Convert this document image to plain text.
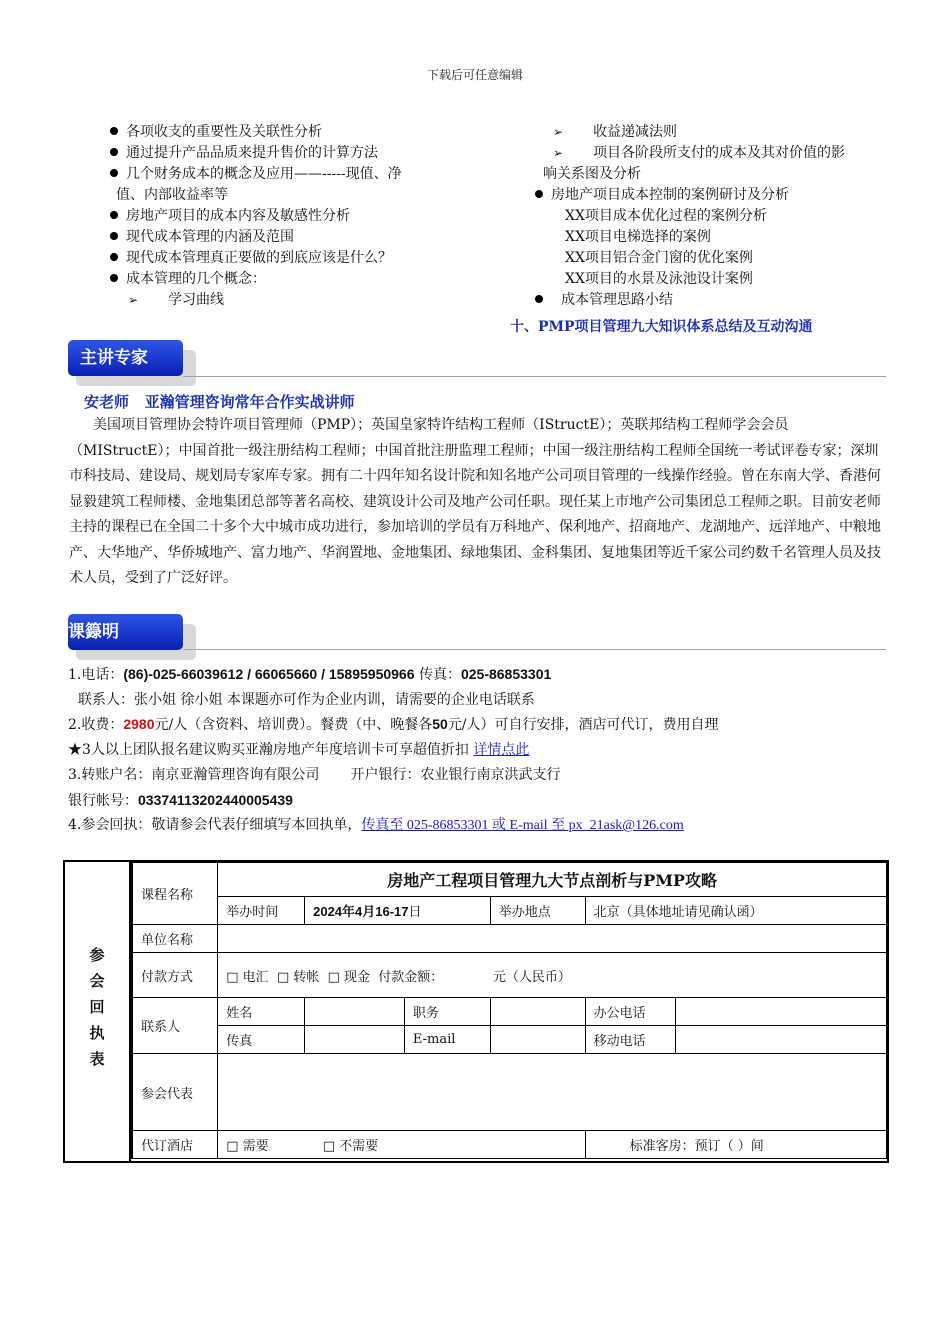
下载后可任意编辑
各项收支的重要性及关联性分析
通过提升产品品质来提升售价的计算方法
几个财务成本的概念及应用——-----现值、净
值、内部收益率等
房地产项目的成本内容及敏感性分析
现代成本管理的内涵及范围
现代成本管理真正要做的到底应该是什么？
成本管理的几个概念：
➢ 学习曲线
➢ 收益递减法则
➢ 项目各阶段所支付的成本及其对价值的影
响关系图及分析
房地产项目成本控制的案例研讨及分析
XX项目成本优化过程的案例分析
XX项目电梯选择的案例
XX项目铝合金门窗的优化案例
XX项目的水景及泳池设计案例
成本管理思路小结
十、PMP项目管理九大知识体系总结及互动沟通
主讲专家
安老师   亚瀚管理咨询常年合作实战讲师
美国项目管理协会特许项目管理师（PMP）；英国皇家特许结构工程师（IStructE）；英联邦结构工程师学会会员（MIStructE）；中国首批一级注册结构工程师；中国首批注册监理工程师；中国一级注册结构工程师全国统一考试评卷专家；深圳市科技局、建设局、规划局专家库专家。拥有二十四年知名设计院和知名地产公司项目管理的一线操作经验。曾在东南大学、香港何显毅建筑工程师楼、金地集团总部等著名高校、建筑设计公司及地产公司任职。现任某上市地产公司集团总工程师之职。目前安老师主持的课程已在全国二十多个大中城市成功进行，参加培训的学员有万科地产、保利地产、招商地产、龙湖地产、远洋地产、中粮地产、大华地产、华侨城地产、富力地产、华润置地、金地集团、绿地集团、金科集团、复地集团等近千家公司约数千名管理人员及技术人员，受到了广泛好评。
课籙明
1.电话：(86)-025-66039612 / 66065660 / 15895950966 传真：025-86853301
联系人：张小姐 徐小姐 本课题亦可作为企业内训，请需要的企业电话联系
2.收费：2980元/人（含资料、培训费）。餐费（中、晚餐各50元/人）可自行安排，酒店可代订，费用自理
★3人以上团队报名建议购买亚瀚房地产年度培训卡可享超值折扣 详情点此
3.转账户名：南京亚瀚管理咨询有限公司       开户银行：农业银行南京洪武支行
银行帐号：03374113202440005439
4.参会回执：敬请参会代表仔细填写本回执单，传真至 025-86853301 或 E-mail 至 px_21ask@126.com
参
会
回
执
表
课程名称	房地产工程项目管理九大节点剖析与PMP攻略					
	举办时间	2024年4月16-17日		举办地点	北京（具体地址请见确认函）	
单位名称						
付款方式	□ 电汇  □ 转帐  □ 现金  付款金额：            元（人民币）					
联系人	姓名		职务		办公电话	
	传真		E-mail		移动电话	
参会代表						
代订酒店	□ 需要 □ 不需要				标准客房：预订（ ）间	
